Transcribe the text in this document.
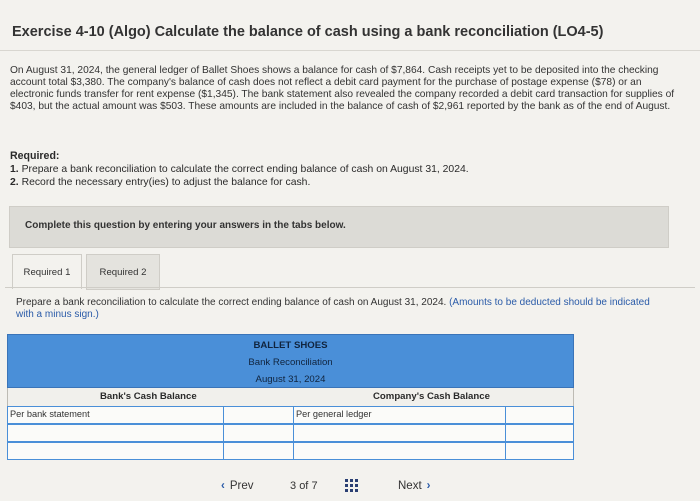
Exercise 4-10 (Algo) Calculate the balance of cash using a bank reconciliation (LO4-5)
On August 31, 2024, the general ledger of Ballet Shoes shows a balance for cash of $7,864. Cash receipts yet to be deposited into the checking account total $3,380. The company's balance of cash does not reflect a debit card payment for the purchase of postage expense ($78) or an electronic funds transfer for rent expense ($1,345). The bank statement also revealed the company recorded a debit card transaction for supplies of $403, but the actual amount was $503. These amounts are included in the balance of cash of $2,961 reported by the bank as of the end of August.
Required:
1. Prepare a bank reconciliation to calculate the correct ending balance of cash on August 31, 2024.
2. Record the necessary entry(ies) to adjust the balance for cash.
Complete this question by entering your answers in the tabs below.
Required 1	Required 2
Prepare a bank reconciliation to calculate the correct ending balance of cash on August 31, 2024. (Amounts to be deducted should be indicated with a minus sign.)
BALLET SHOES
Bank Reconciliation
August 31, 2024
Bank's Cash Balance	Company's Cash Balance
Per bank statement	Per general ledger
‹ Prev	3
of
7	Next ›
